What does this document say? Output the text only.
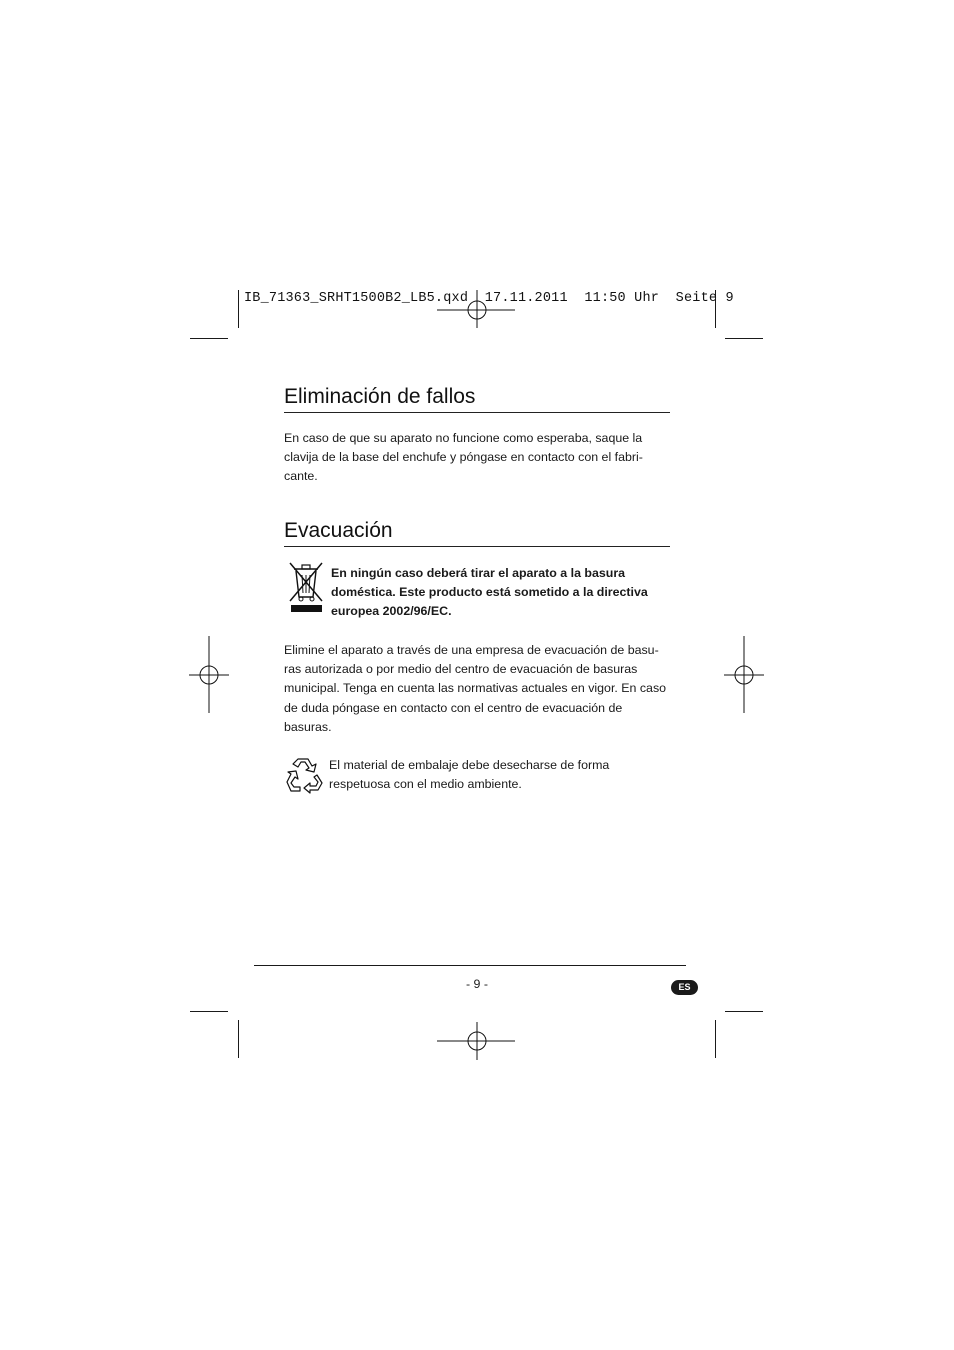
IB_71363_SRHT1500B2_LB5.qxd  17.11.2011  11:50 Uhr  Seite 9
Eliminación de fallos
En caso de que su aparato no funcione como esperaba, saque la clavija de la base del enchufe y póngase en contacto con el fabri-cante.
Evacuación
En ningún caso deberá tirar el aparato a la basura doméstica. Este producto está sometido a la directiva europea 2002/96/EC.
Elimine el aparato a través de una empresa de evacuación de basu-ras autorizada o por medio del centro de evacuación de basuras municipal. Tenga en cuenta las normativas actuales en vigor. En caso de duda póngase en contacto con el centro de evacuación de basuras.
El material de embalaje debe desecharse de forma respetuosa con el medio ambiente.
- 9 -	ES
